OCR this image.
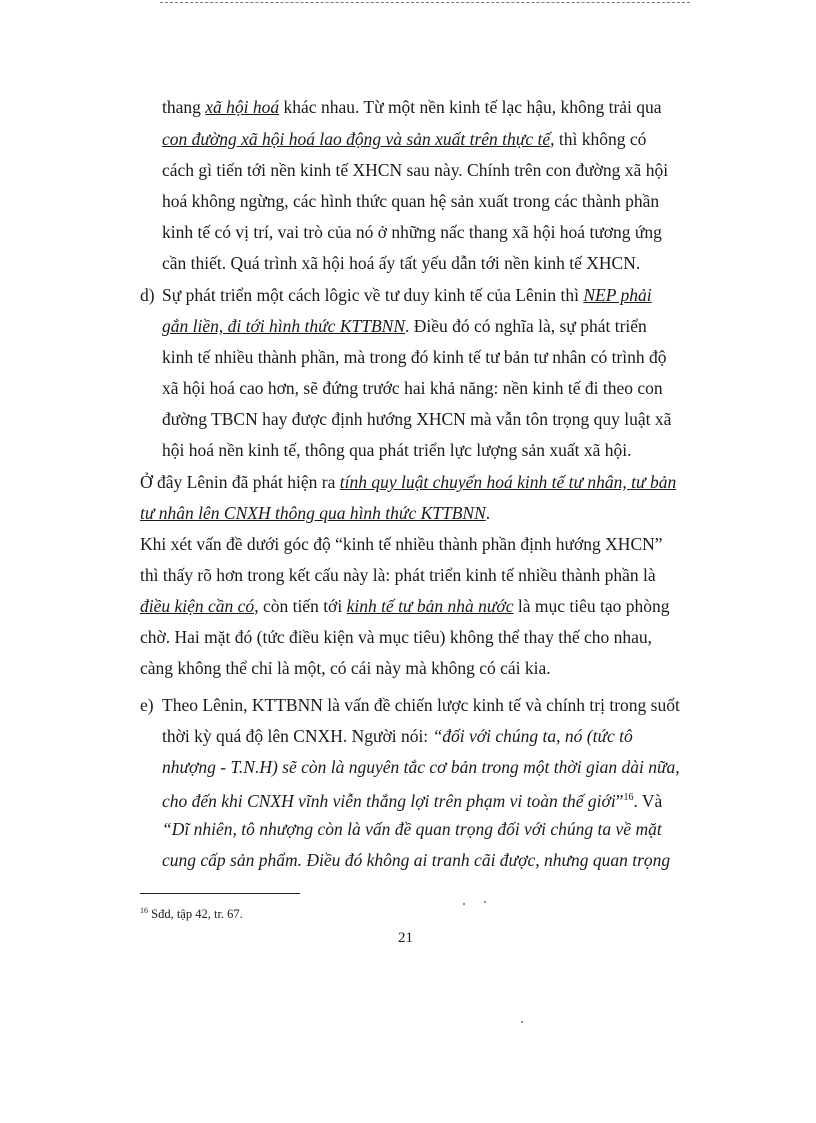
thang xã hội hoá khác nhau. Từ một nền kinh tế lạc hậu, không trải qua
con đường xã hội hoá lao động và sản xuất trên thực tế, thì không có
cách gì tiến tới nền kinh tế XHCN sau này. Chính trên con đường xã hội
hoá không ngừng, các hình thức quan hệ sản xuất trong các thành phần
kinh tế có vị trí, vai trò của nó ở những nấc thang xã hội hoá tương ứng
cần thiết. Quá trình xã hội hoá ấy tất yếu dẫn tới nền kinh tế XHCN.
d) Sự phát triển một cách lôgic về tư duy kinh tế của Lênin thì NEP phải
gắn liền, đi tới hình thức KTTBNN. Điều đó có nghĩa là, sự phát triển
kinh tế nhiều thành phần, mà trong đó kinh tế tư bản tư nhân có trình độ
xã hội hoá cao hơn, sẽ đứng trước hai khả năng: nền kinh tế đi theo con
đường TBCN hay được định hướng XHCN mà vẫn tôn trọng quy luật xã
hội hoá nền kinh tế, thông qua phát triển lực lượng sản xuất xã hội.
Ở đây Lênin đã phát hiện ra tính quy luật chuyển hoá kinh tế tư nhân, tư bản
tư nhân lên CNXH thông qua hình thức KTTBNN.
Khi xét vấn đề dưới góc độ “kinh tế nhiều thành phần định hướng XHCN”
thì thấy rõ hơn trong kết cấu này là: phát triển kinh tế nhiều thành phần là
điều kiện cần có, còn tiến tới kinh tế tư bản nhà nước là mục tiêu tạo phòng
chờ. Hai mặt đó (tức điều kiện và mục tiêu) không thể thay thế cho nhau,
càng không thể chỉ là một, có cái này mà không có cái kia.
e) Theo Lênin, KTTBNN là vấn đề chiến lược kinh tế và chính trị trong suốt
thời kỳ quá độ lên CNXH. Người nói: “đối với chúng ta, nó (tức tô
nhượng - T.N.H) sẽ còn là nguyên tắc cơ bản trong một thời gian dài nữa,
cho đến khi CNXH vĩnh viễn thắng lợi trên phạm vi toàn thế giới”$^{16}$. Và
“Dĩ nhiên, tô nhượng còn là vấn đề quan trọng đối với chúng ta về mặt
cung cấp sản phẩm. Điều đó không ai tranh cãi được, nhưng quan trọng
$^{16}$ Sđd, tập 42, tr. 67.
21
